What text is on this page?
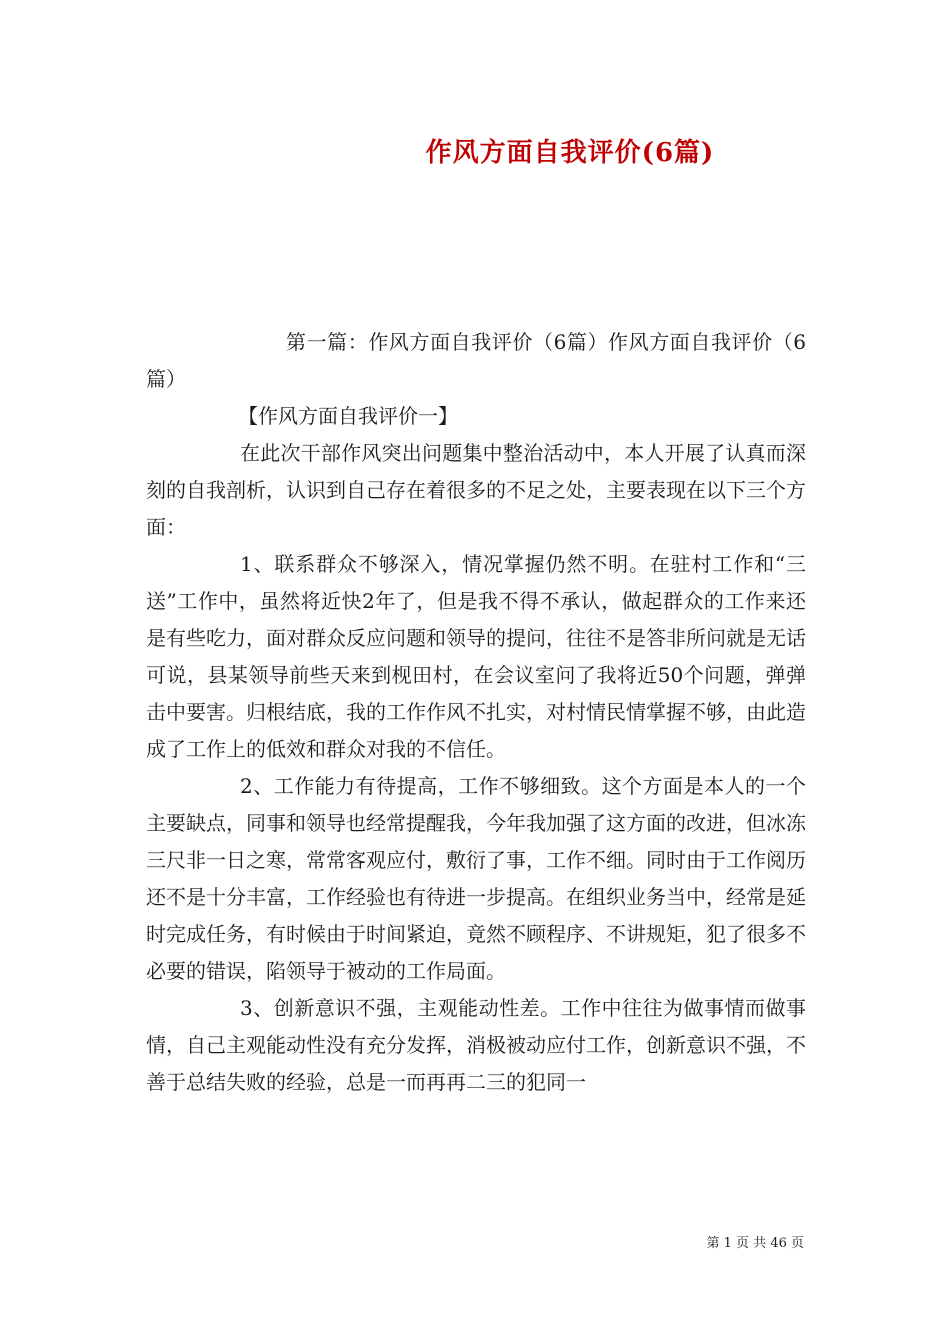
作风方面自我评价(6篇)

第一篇：作风方面自我评价（6篇）作风方面自我评价（6篇）

【作风方面自我评价一】

在此次干部作风突出问题集中整治活动中，本人开展了认真而深刻的自我剖析，认识到自己存在着很多的不足之处，主要表现在以下三个方面：

1、联系群众不够深入，情况掌握仍然不明。在驻村工作和“三送”工作中，虽然将近快2年了，但是我不得不承认，做起群众的工作来还是有些吃力，面对群众反应问题和领导的提问，往往不是答非所问就是无话可说，县某领导前些天来到枧田村，在会议室问了我将近50个问题，弹弹击中要害。归根结底，我的工作作风不扎实，对村情民情掌握不够，由此造成了工作上的低效和群众对我的不信任。

2、工作能力有待提高，工作不够细致。这个方面是本人的一个主要缺点，同事和领导也经常提醒我，今年我加强了这方面的改进，但冰冻三尺非一日之寒，常常客观应付，敷衍了事，工作不细。同时由于工作阅历还不是十分丰富，工作经验也有待进一步提高。在组织业务当中，经常是延时完成任务，有时候由于时间紧迫，竟然不顾程序、不讲规矩，犯了很多不必要的错误，陷领导于被动的工作局面。

3、创新意识不强，主观能动性差。工作中往往为做事情而做事情，自己主观能动性没有充分发挥，消极被动应付工作，创新意识不强，不善于总结失败的经验，总是一而再再二三的犯同一

第 1 页 共 46 页
